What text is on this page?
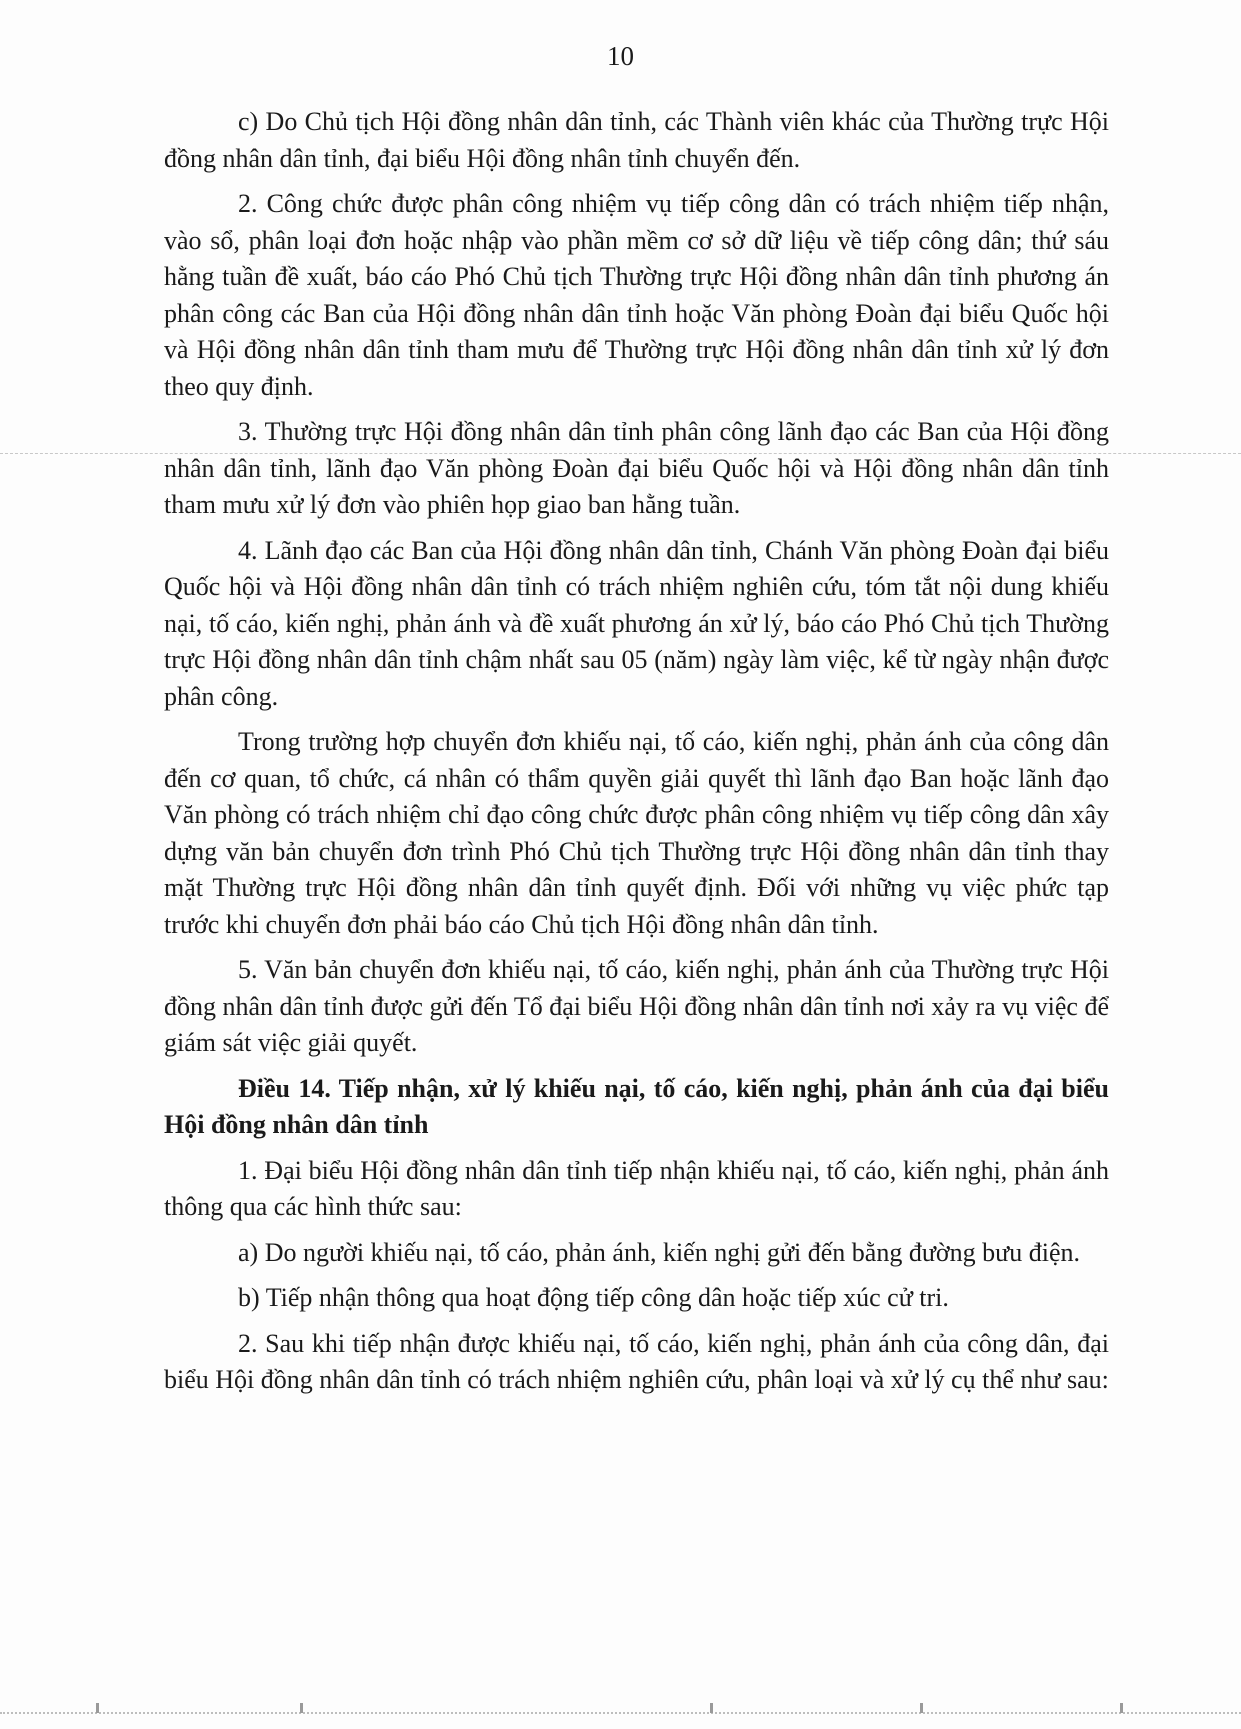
10

c) Do Chủ tịch Hội đồng nhân dân tỉnh, các Thành viên khác của Thường trực Hội đồng nhân dân tỉnh, đại biểu Hội đồng nhân tỉnh chuyển đến.

2. Công chức được phân công nhiệm vụ tiếp công dân có trách nhiệm tiếp nhận, vào sổ, phân loại đơn hoặc nhập vào phần mềm cơ sở dữ liệu về tiếp công dân; thứ sáu hằng tuần đề xuất, báo cáo Phó Chủ tịch Thường trực Hội đồng nhân dân tỉnh phương án phân công các Ban của Hội đồng nhân dân tỉnh hoặc Văn phòng Đoàn đại biểu Quốc hội và Hội đồng nhân dân tỉnh tham mưu để Thường trực Hội đồng nhân dân tỉnh xử lý đơn theo quy định.

3. Thường trực Hội đồng nhân dân tỉnh phân công lãnh đạo các Ban của Hội đồng nhân dân tỉnh, lãnh đạo Văn phòng Đoàn đại biểu Quốc hội và Hội đồng nhân dân tỉnh tham mưu xử lý đơn vào phiên họp giao ban hằng tuần.

4. Lãnh đạo các Ban của Hội đồng nhân dân tỉnh, Chánh Văn phòng Đoàn đại biểu Quốc hội và Hội đồng nhân dân tỉnh có trách nhiệm nghiên cứu, tóm tắt nội dung khiếu nại, tố cáo, kiến nghị, phản ánh và đề xuất phương án xử lý, báo cáo Phó Chủ tịch Thường trực Hội đồng nhân dân tỉnh chậm nhất sau 05 (năm) ngày làm việc, kể từ ngày nhận được phân công.

Trong trường hợp chuyển đơn khiếu nại, tố cáo, kiến nghị, phản ánh của công dân đến cơ quan, tổ chức, cá nhân có thẩm quyền giải quyết thì lãnh đạo Ban hoặc lãnh đạo Văn phòng có trách nhiệm chỉ đạo công chức được phân công nhiệm vụ tiếp công dân xây dựng văn bản chuyển đơn trình Phó Chủ tịch Thường trực Hội đồng nhân dân tỉnh thay mặt Thường trực Hội đồng nhân dân tỉnh quyết định. Đối với những vụ việc phức tạp trước khi chuyển đơn phải báo cáo Chủ tịch Hội đồng nhân dân tỉnh.

5. Văn bản chuyển đơn khiếu nại, tố cáo, kiến nghị, phản ánh của Thường trực Hội đồng nhân dân tỉnh được gửi đến Tổ đại biểu Hội đồng nhân dân tỉnh nơi xảy ra vụ việc để giám sát việc giải quyết.

Điều 14. Tiếp nhận, xử lý khiếu nại, tố cáo, kiến nghị, phản ánh của đại biểu Hội đồng nhân dân tỉnh

1. Đại biểu Hội đồng nhân dân tỉnh tiếp nhận khiếu nại, tố cáo, kiến nghị, phản ánh thông qua các hình thức sau:

a) Do người khiếu nại, tố cáo, phản ánh, kiến nghị gửi đến bằng đường bưu điện.

b) Tiếp nhận thông qua hoạt động tiếp công dân hoặc tiếp xúc cử tri.

2. Sau khi tiếp nhận được khiếu nại, tố cáo, kiến nghị, phản ánh của công dân, đại biểu Hội đồng nhân dân tỉnh có trách nhiệm nghiên cứu, phân loại và xử lý cụ thể như sau:
